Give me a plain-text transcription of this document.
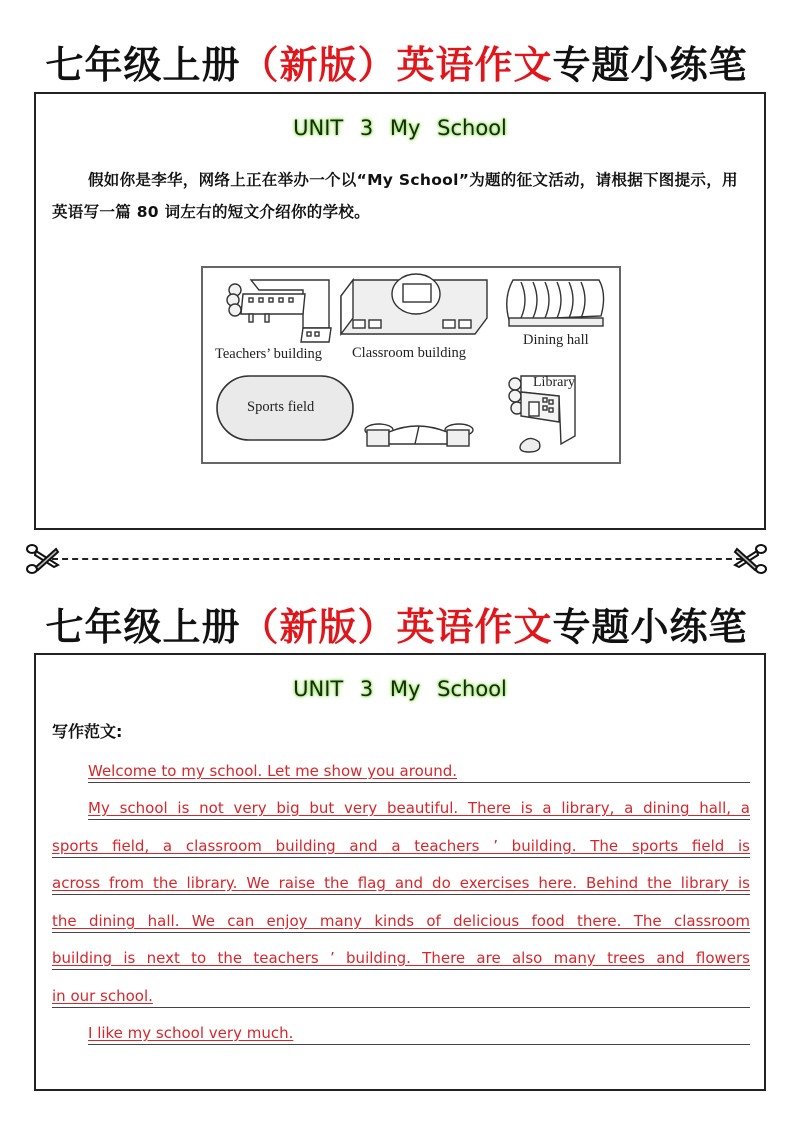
七年级上册（新版）英语作文专题小练笔
UNIT 3 My School
假如你是李华，网络上正在举办一个以“My School”为题的征文活动，请根据下图提示，用英语写一篇 80 词左右的短文介绍你的学校。
Teachers’ building Classroom building
Dining hall
Sports field
Library
七年级上册（新版）英语作文专题小练笔
UNIT 3 My School
写作范文:
Welcome to my school. Let me show you around.
My school is not very big but very beautiful. There is a library, a dining hall, a
sports field, a classroom building and a teachers ’ building. The sports field is
across from the library. We raise the flag and do exercises here. Behind the library is
the dining hall. We can enjoy many kinds of delicious food there. The classroom
building is next to the teachers ’ building. There are also many trees and flowers
in our school.
I like my school very much.
